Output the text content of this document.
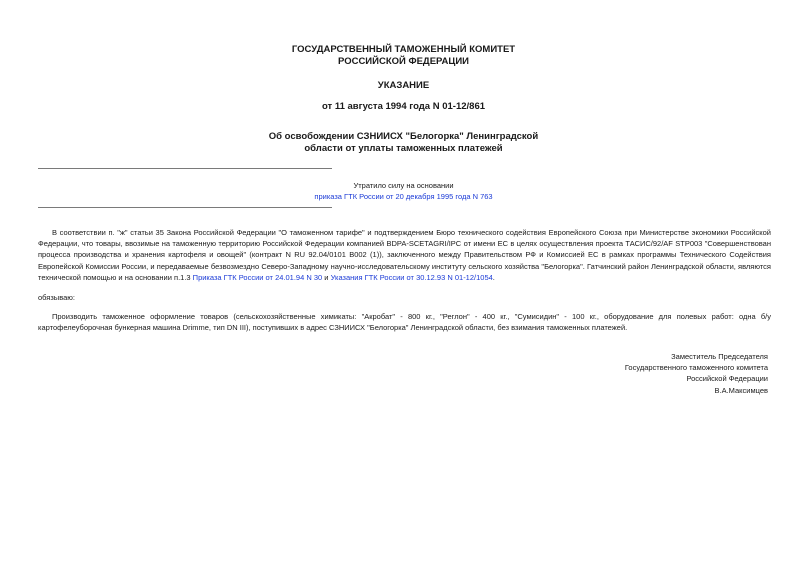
ГОСУДАРСТВЕННЫЙ ТАМОЖЕННЫЙ КОМИТЕТ
РОССИЙСКОЙ ФЕДЕРАЦИИ
УКАЗАНИЕ
от 11 августа 1994 года N 01-12/861
Об освобождении СЗНИИСХ "Белогорка" Ленинградской
области от уплаты таможенных платежей
Утратило силу на основании
приказа ГТК России от 20 декабря 1995 года N 763
В соответствии п. "ж" статьи 35 Закона Российской Федерации "О таможенном тарифе" и подтверждением Бюро технического содействия Европейского Союза при Министерстве экономики Российской Федерации, что товары, ввозимые на таможенную территорию Российской Федерации компанией BDPA-SCETAGRI/IPC от имени ЕС в целях осуществления проекта ТАСИС/92/AF STP003 "Совершенствован процесса производства и хранения картофеля и овощей" (контракт N RU 92.04/0101 B002 (1)), заключенного между Правительством РФ и Комиссией ЕС в рамках программы Технического Содействия Европейской Комиссии России, и передаваемые безвозмездно Северо-Западному научно-исследовательскому институту сельского хозяйства "Белогорка". Гатчинский район Ленинградской области, являются технической помощью и на основании п.1.3 Приказа ГТК России от 24.01.94 N 30 и Указания ГТК России от 30.12.93 N 01-12/1054.
обязываю:
Производить таможенное оформление товаров (сельскохозяйственные химикаты: "Акробат" - 800 кг., "Реглон" - 400 кг., "Сумисидин" - 100 кг., оборудование для полевых работ: одна б/у картофелеуборочная бункерная машина Drimme, тип DN III), поступивших в адрес СЗНИИСХ "Белогорка" Ленинградской области, без взимания таможенных платежей.
Заместитель Председателя
Государственного таможенного комитета
Российской Федерации
В.А.Максимцев
